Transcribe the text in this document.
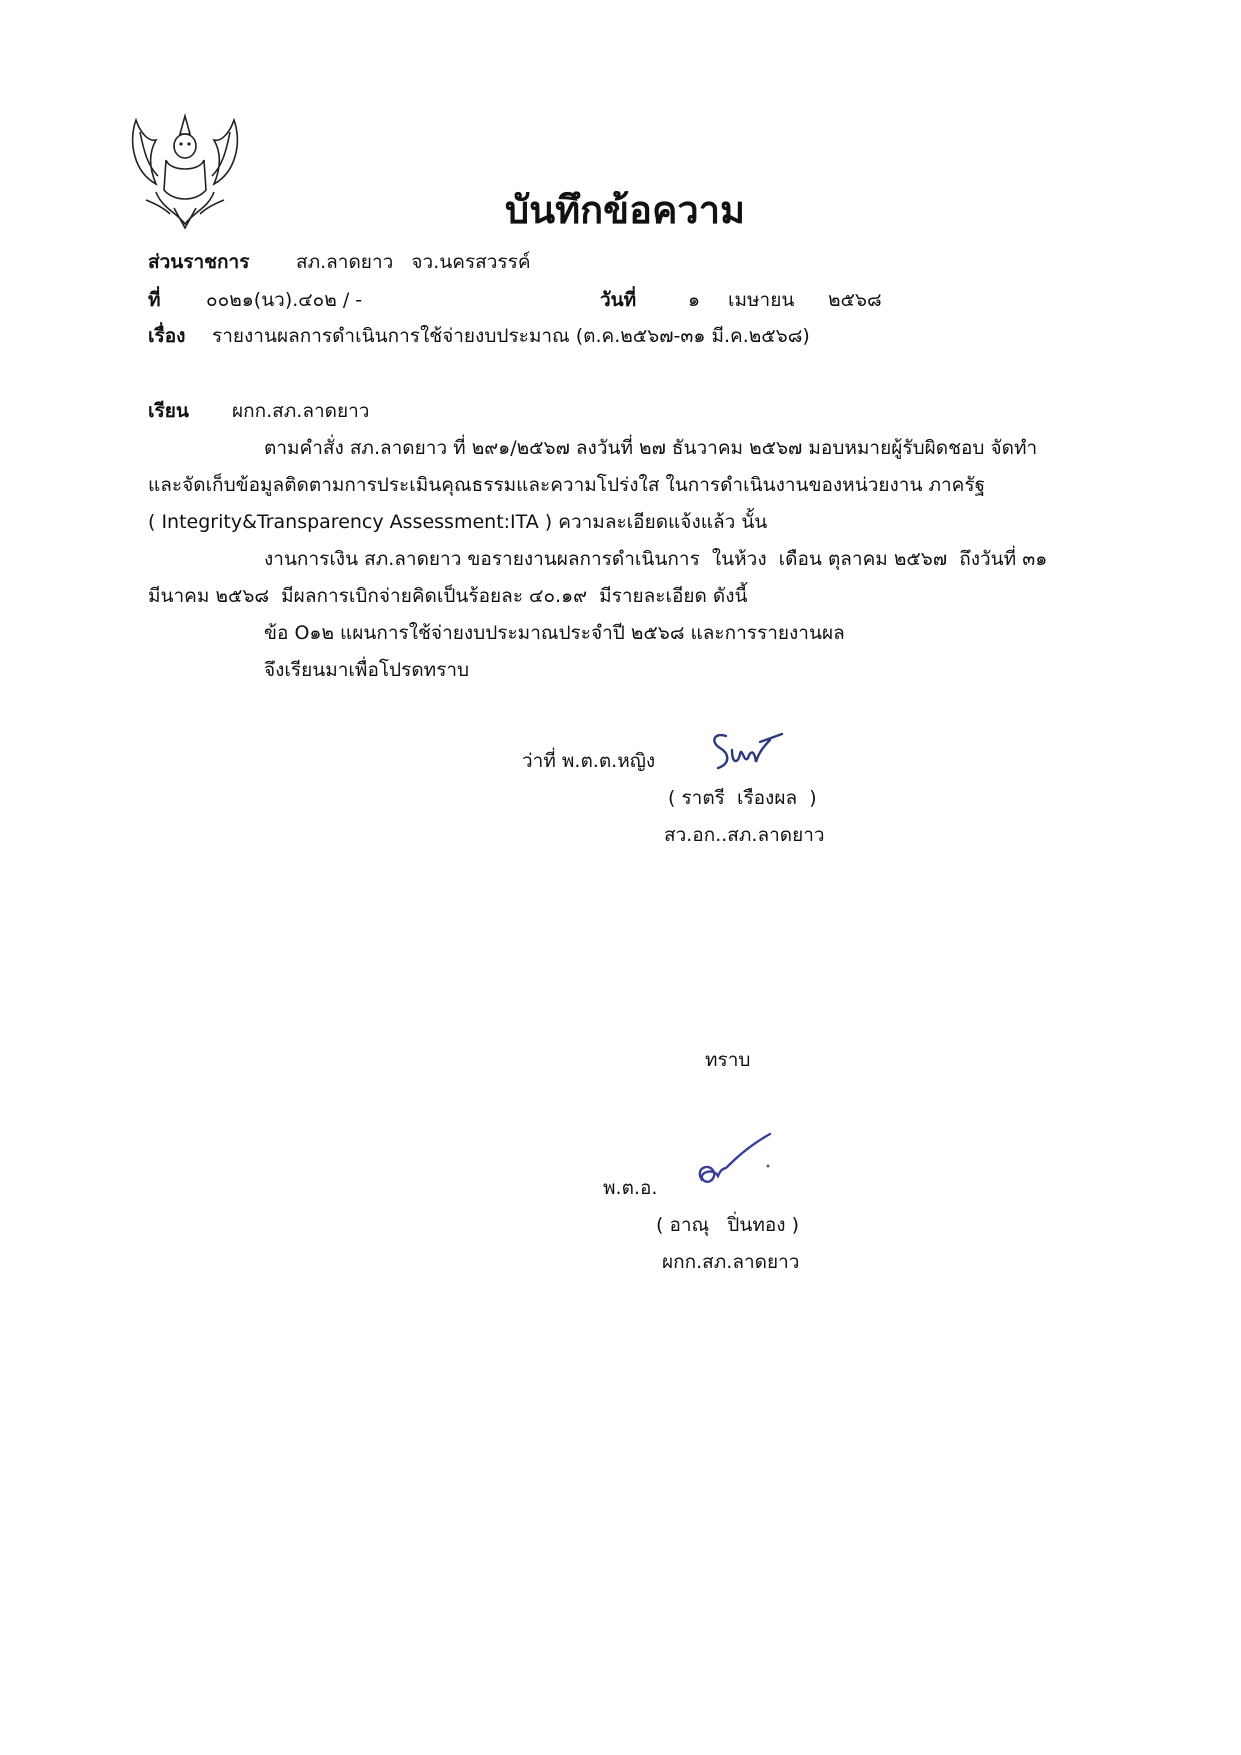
บันทึกข้อความ
ส่วนราชการ สภ.ลาดยาว   จว.นครสวรรค์
ที่ ๐๐๒๑(นว).๔๐๒ / -	วันที่	๑ เมษายน ๒๕๖๘
เรื่อง รายงานผลการดำเนินการใช้จ่ายงบประมาณ (ต.ค.๒๕๖๗-๓๑ มี.ค.๒๕๖๘)
เรียน ผกก.สภ.ลาดยาว
ตามคำสั่ง สภ.ลาดยาว ที่ ๒๙๑/๒๕๖๗ ลงวันที่ ๒๗ ธันวาคม ๒๕๖๗ มอบหมายผู้รับผิดชอบ จัดทำ
และจัดเก็บข้อมูลติดตามการประเมินคุณธรรมและความโปร่งใส ในการดำเนินงานของหน่วยงาน ภาครัฐ
( Integrity&Transparency Assessment:ITA ) ความละเอียดแจ้งแล้ว นั้น
งานการเงิน สภ.ลาดยาว ขอรายงานผลการดำเนินการ  ในห้วง  เดือน ตุลาคม ๒๕๖๗  ถึงวันที่ ๓๑
มีนาคม ๒๕๖๘  มีผลการเบิกจ่ายคิดเป็นร้อยละ ๔๐.๑๙  มีรายละเอียด ดังนี้
ข้อ O๑๒ แผนการใช้จ่ายงบประมาณประจำปี ๒๕๖๘ และการรายงานผล
จึงเรียนมาเพื่อโปรดทราบ
ว่าที่ พ.ต.ต.หญิง
( ราตรี  เรืองผล  )
สว.อก..สภ.ลาดยาว
ทราบ
พ.ต.อ.
( อาณุ   ปิ่นทอง )
ผกก.สภ.ลาดยาว
